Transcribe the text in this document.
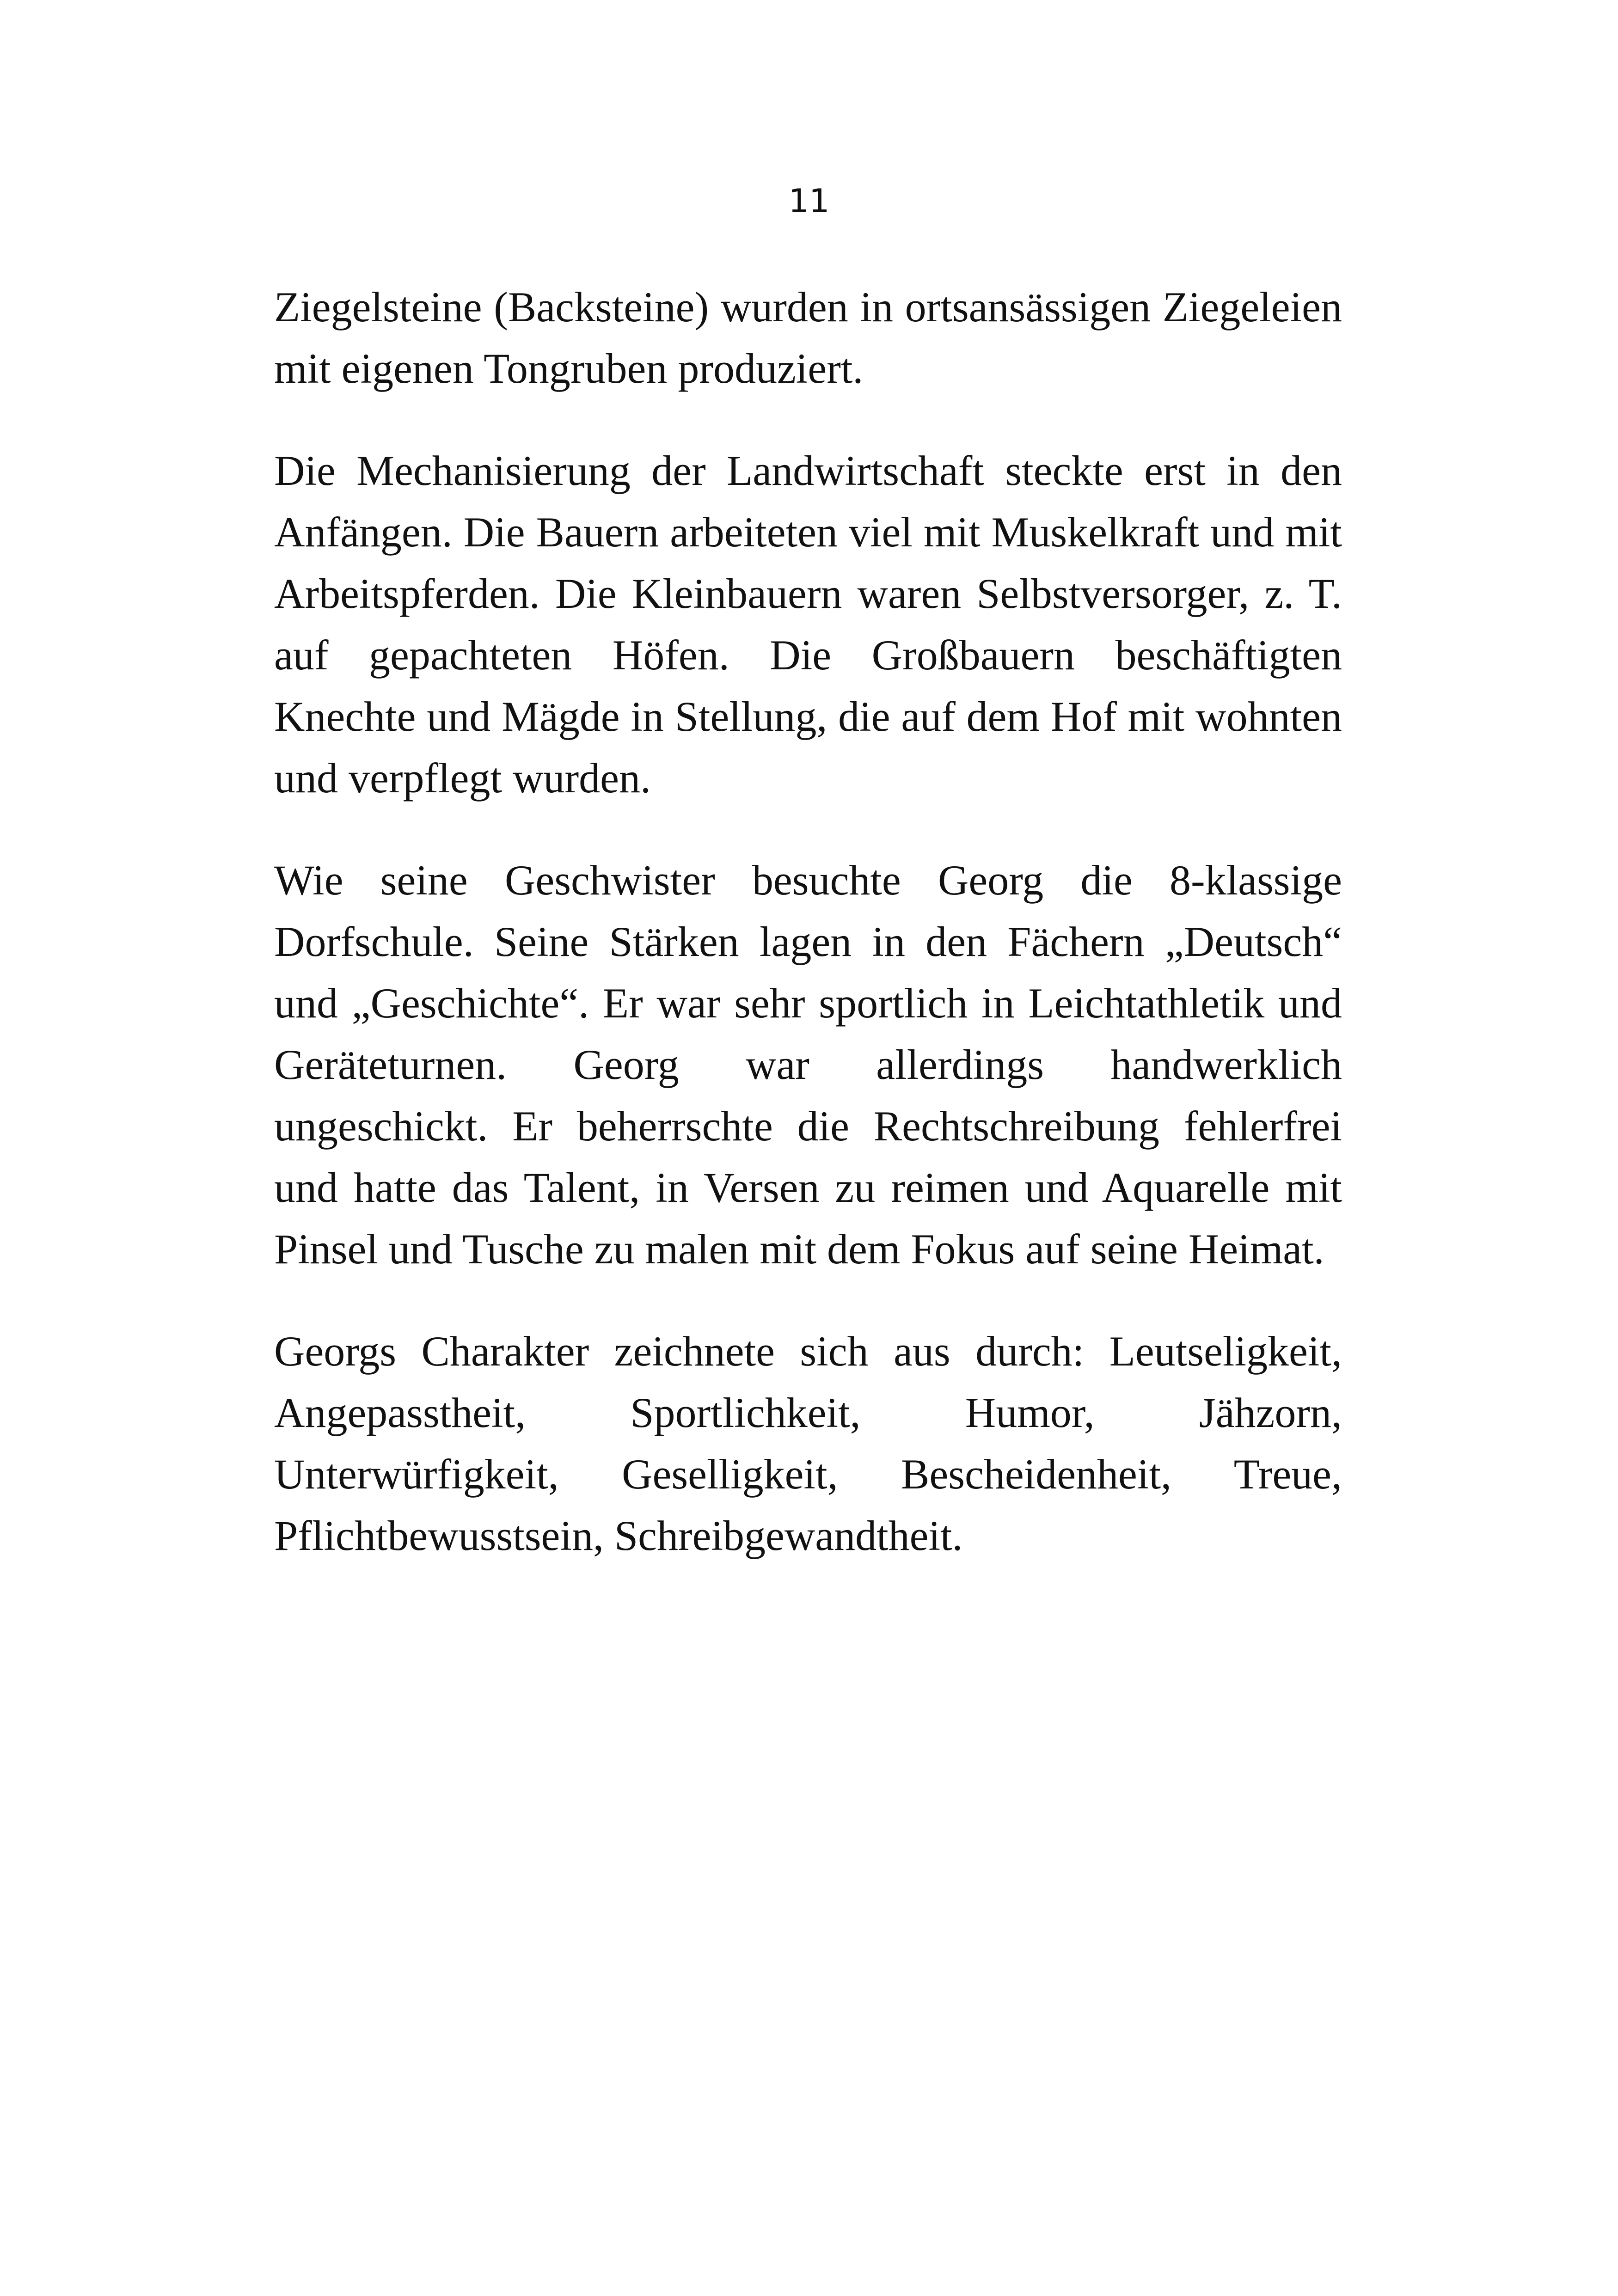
11

Ziegelsteine (Backsteine) wurden in ortsansässigen Ziegeleien mit eigenen Tongruben produziert.

Die Mechanisierung der Landwirtschaft steckte erst in den Anfängen. Die Bauern arbeiteten viel mit Muskelkraft und mit Arbeitspferden. Die Kleinbauern waren Selbstversorger, z. T. auf gepachteten Höfen. Die Großbauern beschäftigten Knechte und Mägde in Stellung, die auf dem Hof mit wohnten und verpflegt wurden.

Wie seine Geschwister besuchte Georg die 8-klassige Dorfschule. Seine Stärken lagen in den Fächern „Deutsch“ und „Geschichte“. Er war sehr sportlich in Leichtathletik und Geräteturnen. Georg war allerdings handwerklich ungeschickt. Er beherrschte die Rechtschreibung fehlerfrei und hatte das Talent, in Versen zu reimen und Aquarelle mit Pinsel und Tusche zu malen mit dem Fokus auf seine Heimat.

Georgs Charakter zeichnete sich aus durch: Leutseligkeit, Angepasstheit, Sportlichkeit, Humor, Jähzorn, Unterwürfigkeit, Geselligkeit, Bescheidenheit, Treue, Pflichtbewusstsein, Schreibgewandtheit.
